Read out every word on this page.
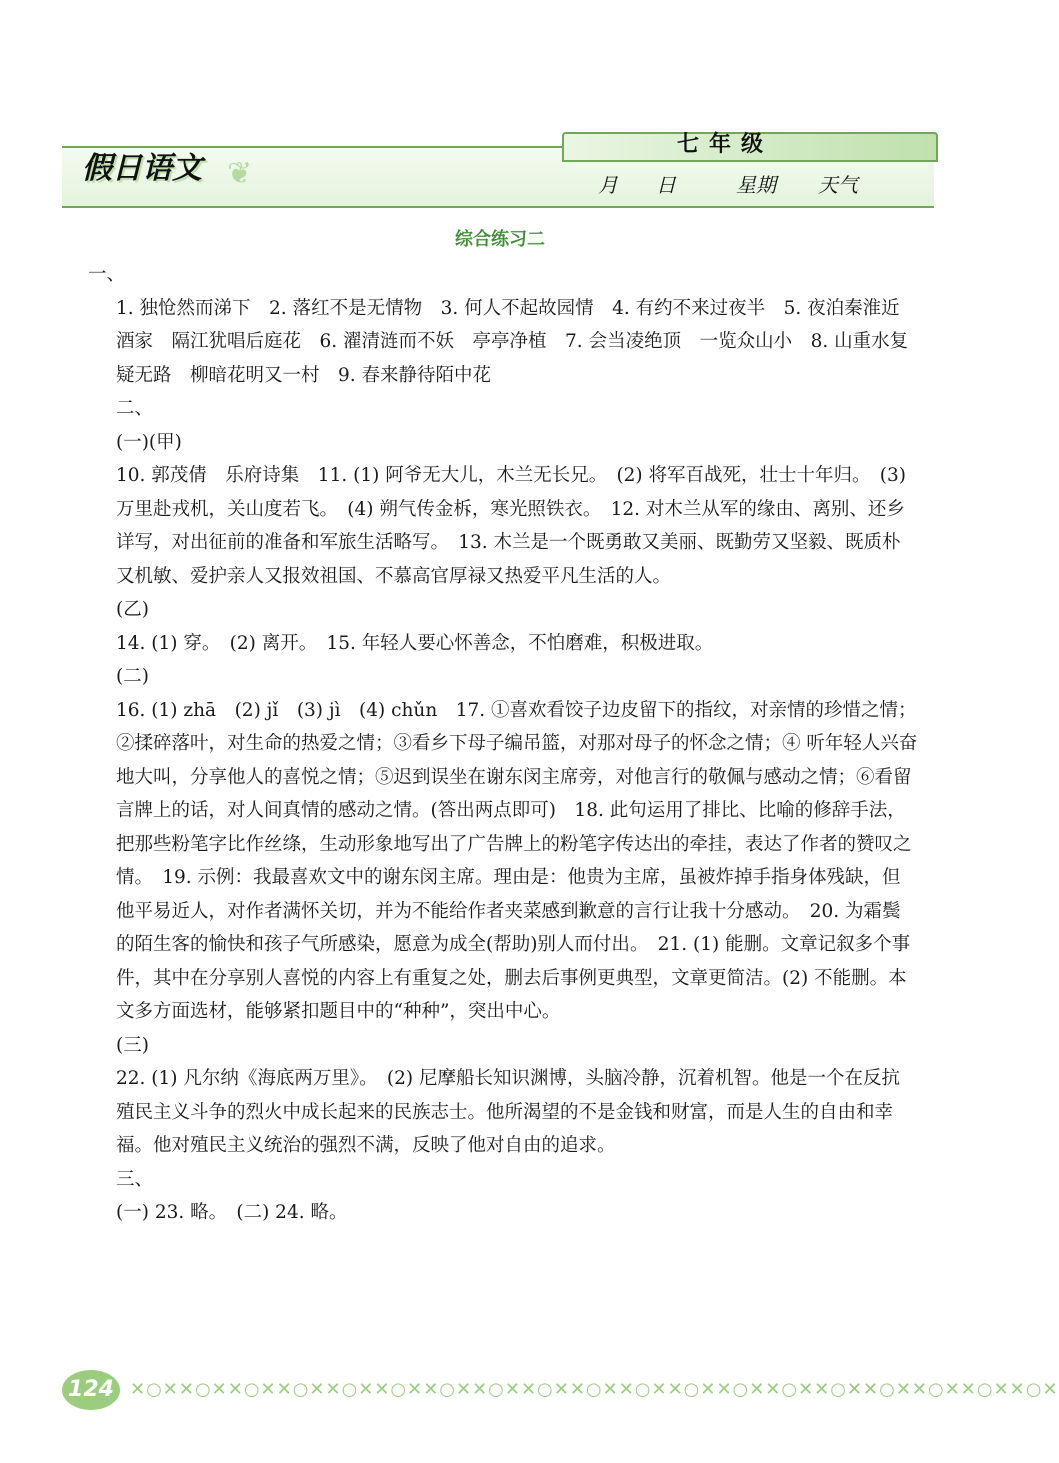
七年级
假日语文 ❦	月 日	星期 天气
综合练习二

一、

1. 独怆然而涕下　2. 落红不是无情物　3. 何人不起故园情　4. 有约不来过夜半　5. 夜泊秦淮近酒家　隔江犹唱后庭花　6. 濯清涟而不妖　亭亭净植　7. 会当凌绝顶　一览众山小　8. 山重水复疑无路　柳暗花明又一村　9. 春来静待陌中花

二、

(一)(甲)

10. 郭茂倩　乐府诗集　11. (1) 阿爷无大儿，木兰无长兄。　(2) 将军百战死，壮士十年归。　(3) 万里赴戎机，关山度若飞。　(4) 朔气传金柝，寒光照铁衣。　12. 对木兰从军的缘由、离别、还乡详写，对出征前的准备和军旅生活略写。　13. 木兰是一个既勇敢又美丽、既勤劳又坚毅、既质朴又机敏、爱护亲人又报效祖国、不慕高官厚禄又热爱平凡生活的人。

(乙)

14. (1) 穿。　(2) 离开。　15. 年轻人要心怀善念，不怕磨难，积极进取。

(二)

16. (1) zhā　(2) jǐ　(3) jì　(4) chǔn　17. ①喜欢看饺子边皮留下的指纹，对亲情的珍惜之情；②揉碎落叶，对生命的热爱之情；③看乡下母子编吊篮，对那对母子的怀念之情；④ 听年轻人兴奋地大叫，分享他人的喜悦之情；⑤迟到误坐在谢东闵主席旁，对他言行的敬佩与感动之情；⑥看留言牌上的话，对人间真情的感动之情。(答出两点即可)　18. 此句运用了排比、比喻的修辞手法，把那些粉笔字比作丝绦，生动形象地写出了广告牌上的粉笔字传达出的牵挂，表达了作者的赞叹之情。　19. 示例：我最喜欢文中的谢东闵主席。理由是：他贵为主席，虽被炸掉手指身体残缺，但他平易近人，对作者满怀关切，并为不能给作者夹菜感到歉意的言行让我十分感动。　20. 为霜鬓的陌生客的愉快和孩子气所感染，愿意为成全(帮助)别人而付出。　21. (1) 能删。文章记叙多个事件，其中在分享别人喜悦的内容上有重复之处，删去后事例更典型，文章更简洁。(2) 不能删。本文多方面选材，能够紧扣题目中的“种种”，突出中心。

(三)

22. (1) 凡尔纳《海底两万里》。　(2) 尼摩船长知识渊博，头脑冷静，沉着机智。他是一个在反抗殖民主义斗争的烈火中成长起来的民族志士。他所渴望的不是金钱和财富，而是人生的自由和幸福。他对殖民主义统治的强烈不满，反映了他对自由的追求。

三、

(一) 23. 略。　(二) 24. 略。

124 ✕○✕✕○✕✕○✕✕○✕✕○✕✕○✕✕○✕✕○✕✕○✕✕○✕✕○✕✕○✕✕○✕✕○✕✕○✕✕○✕✕○✕✕○✕✕○✕
